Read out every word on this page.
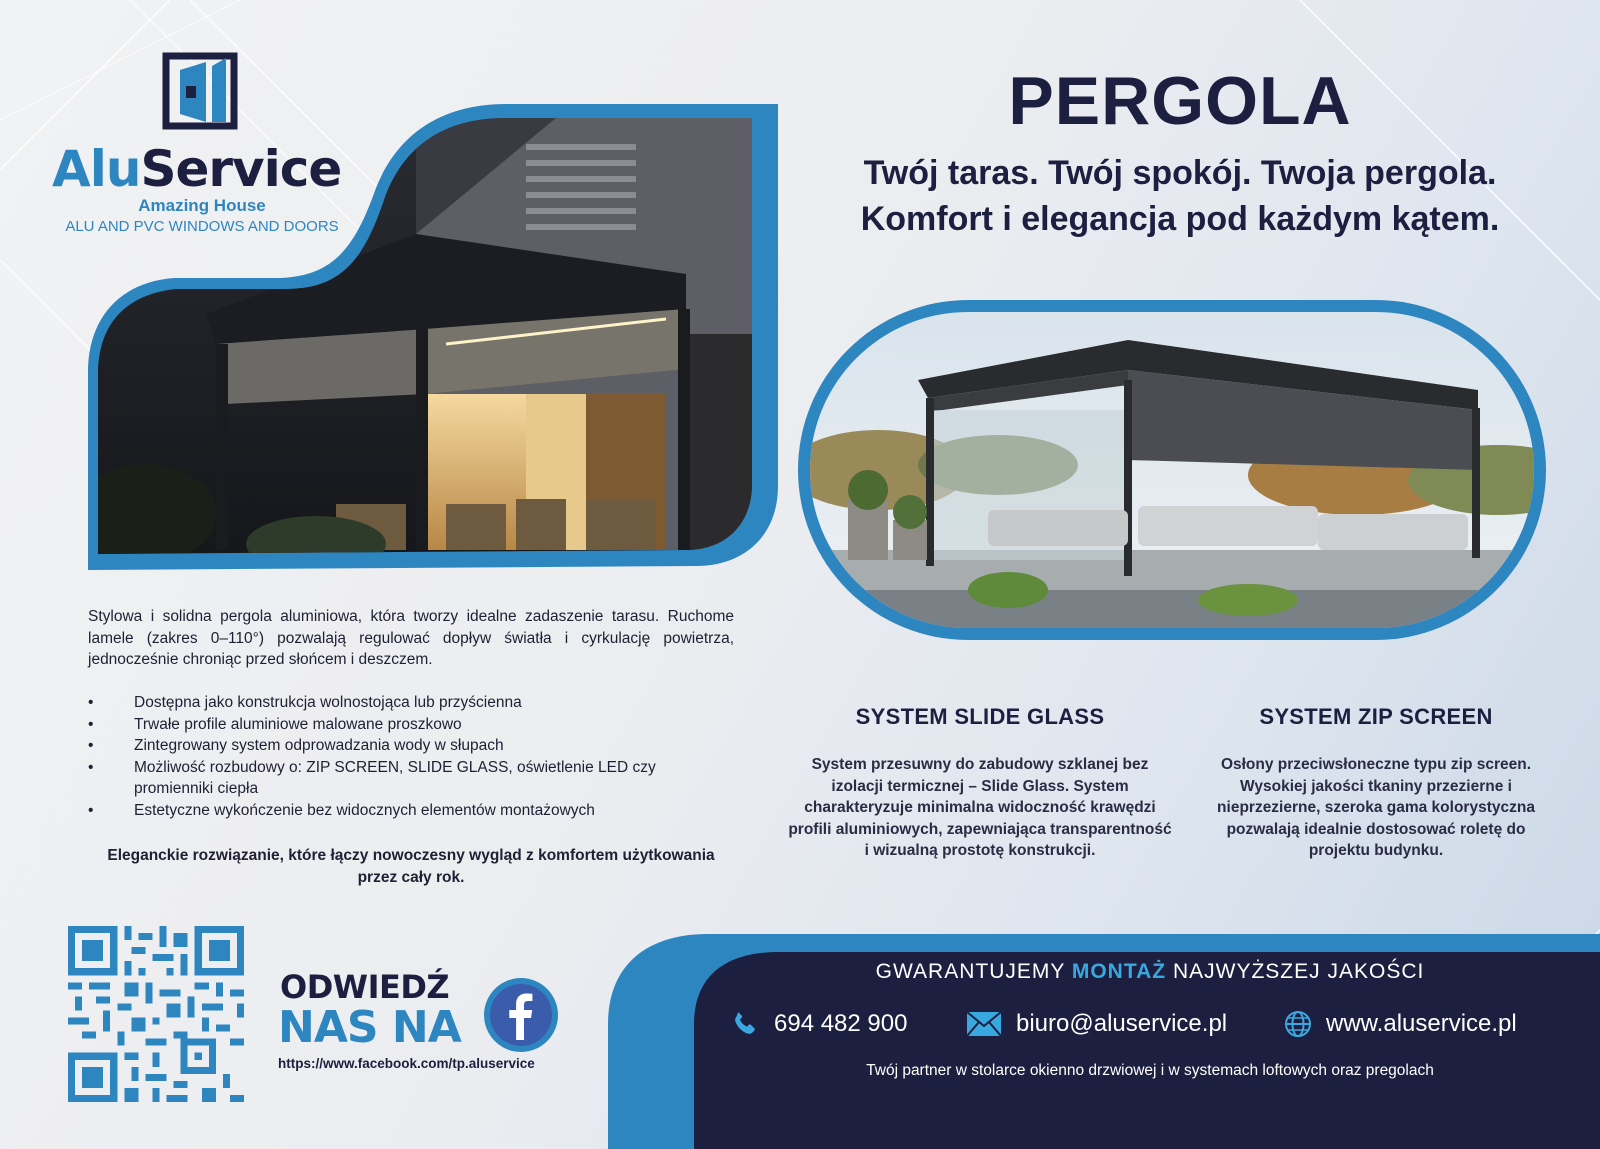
AluService
Amazing House
ALU AND PVC WINDOWS AND DOORS
PERGOLA
Twój taras. Twój spokój. Twoja pergola.
Komfort i elegancja pod każdym kątem.

Stylowa i solidna pergola aluminiowa, która tworzy idealne zadaszenie tarasu. Ruchome lamele (zakres 0–110°) pozwalają regulować dopływ światła i cyrkulację powietrza, jednocześnie chroniąc przed słońcem i deszczem.

•	Dostępna jako konstrukcja wolnostojąca lub przyścienna
•	Trwałe profile aluminiowe malowane proszkowo
•	Zintegrowany system odprowadzania wody w słupach
•	Możliwość rozbudowy o: ZIP SCREEN, SLIDE GLASS, oświetlenie LED czy promienniki ciepła
•	Estetyczne wykończenie bez widocznych elementów montażowych

Eleganckie rozwiązanie, które łączy nowoczesny wygląd z komfortem użytkowania przez cały rok.

SYSTEM SLIDE GLASS

System przesuwny do zabudowy szklanej bez izolacji termicznej – Slide Glass. System charakteryzuje minimalna widoczność krawędzi profili aluminiowych, zapewniająca transparentność i wizualną prostotę konstrukcji.

SYSTEM ZIP SCREEN

Osłony przeciwsłoneczne typu zip screen. Wysokiej jakości tkaniny przezierne i nieprzezierne, szeroka gama kolorystyczna pozwalają idealnie dostosować roletę do projektu budynku.

ODWIEDŹ
NAS NA
https://www.facebook.com/tp.aluservice
GWARANTUJEMY MONTAŻ NAJWYŻSZEJ JAKOŚCI
694 482 900	biuro@aluservice.pl	www.aluservice.pl
Twój partner w stolarce okienno drzwiowej i w systemach loftowych oraz pregolach
